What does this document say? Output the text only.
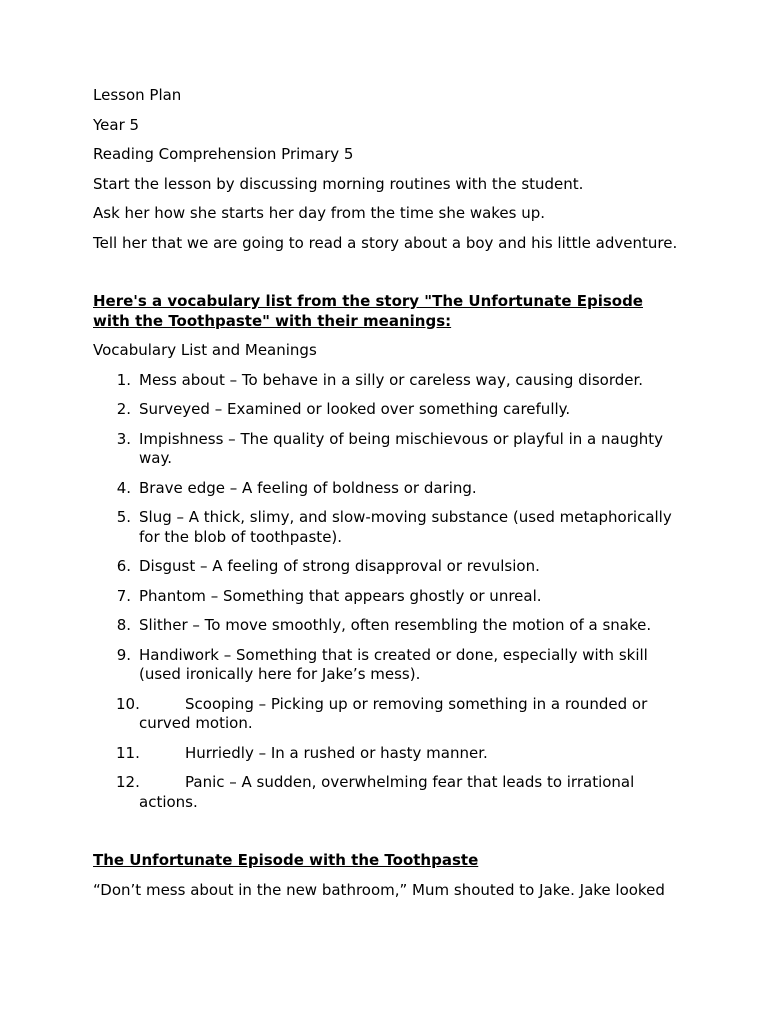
Lesson Plan

Year 5

Reading Comprehension Primary 5

Start the lesson by discussing morning routines with the student.

Ask her how she starts her day from the time she wakes up.

Tell her that we are going to read a story about a boy and his little adventure.

Here's a vocabulary list from the story "The Unfortunate Episode with the Toothpaste" with their meanings:

Vocabulary List and Meanings

1. Mess about – To behave in a silly or careless way, causing disorder.
2. Surveyed – Examined or looked over something carefully.
3. Impishness – The quality of being mischievous or playful in a naughty way.
4. Brave edge – A feeling of boldness or daring.
5. Slug – A thick, slimy, and slow-moving substance (used metaphorically for the blob of toothpaste).
6. Disgust – A feeling of strong disapproval or revulsion.
7. Phantom – Something that appears ghostly or unreal.
8. Slither – To move smoothly, often resembling the motion of a snake.
9. Handiwork – Something that is created or done, especially with skill (used ironically here for Jake’s mess).
10.	Scooping – Picking up or removing something in a rounded or curved motion.
11.	Hurriedly – In a rushed or hasty manner.
12.	Panic – A sudden, overwhelming fear that leads to irrational actions.

The Unfortunate Episode with the Toothpaste

“Don’t mess about in the new bathroom,” Mum shouted to Jake. Jake looked
